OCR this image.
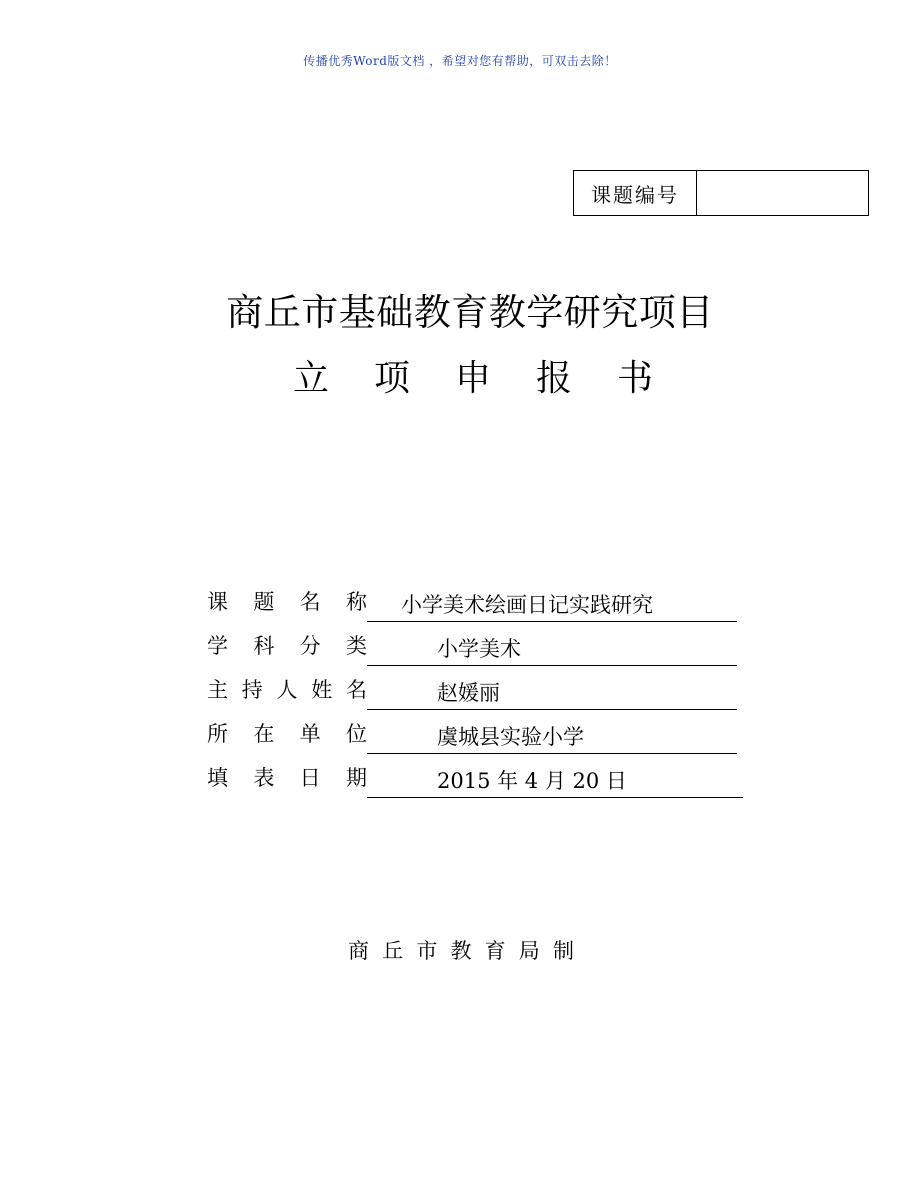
传播优秀Word版文档 ，希望对您有帮助，可双击去除！
课题编号
商丘市基础教育教学研究项目
立 项 申 报 书
课 题 名 称	小学美术绘画日记实践研究
学 科 分 类	小学美术
主 持 人 姓 名	赵媛丽
所 在 单 位	虞城县实验小学
填 表 日 期	2015 年 4 月 20 日
商 丘 市 教 育 局 制
